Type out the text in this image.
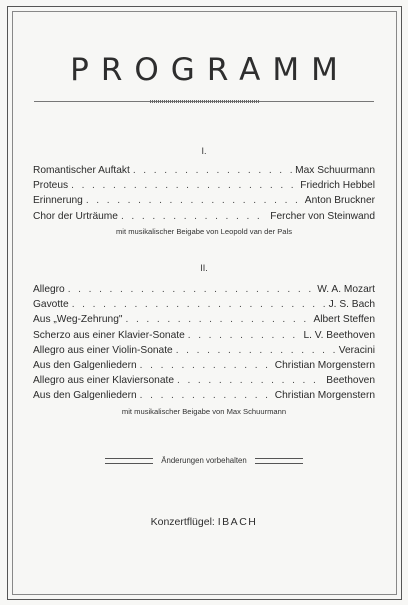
PROGRAMM
I.
Romantischer Auftakt . . .	Max Schuurmann
Proteus . . .	Friedrich Hebbel
Erinnerung . . .	Anton Bruckner
Chor der Urträume . . .	Fercher von Steinwand
mit musikalischer Beigabe von Leopold van der Pals
II.
Allegro . . .	W. A. Mozart
Gavotte . . .	J. S. Bach
Aus „Weg-Zehrung" . . .	Albert Steffen
Scherzo aus einer Klavier-Sonate . . .	L. V. Beethoven
Allegro aus einer Violin-Sonate . . .	Veracini
Aus den Galgenliedern . . .	Christian Morgenstern
Allegro aus einer Klaviersonate . . .	Beethoven
Aus den Galgenliedern . . .	Christian Morgenstern
mit musikalischer Beigabe von Max Schuurmann
Änderungen vorbehalten
Konzertflügel: IBACH
